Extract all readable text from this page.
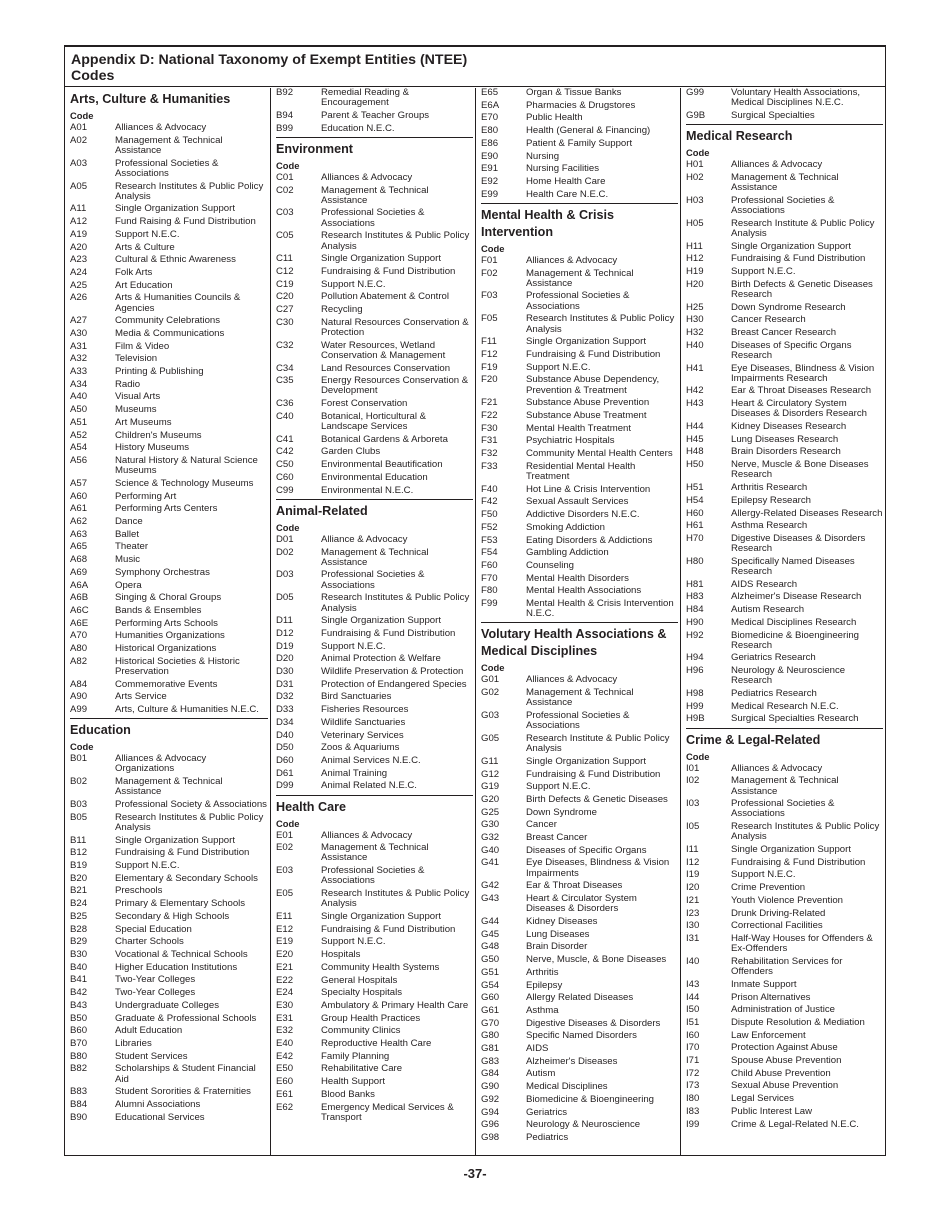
Appendix D: National Taxonomy of Exempt Entities (NTEE) Codes
Arts, Culture & Humanities
Code
A01	Alliances & Advocacy
A02	Management & Technical Assistance
A03	Professional Societies & Associations
A05	Research Institutes & Public Policy Analysis
A11	Single Organization Support
A12	Fund Raising & Fund Distribution
A19	Support N.E.C.
A20	Arts & Culture
A23	Cultural & Ethnic Awareness
A24	Folk Arts
A25	Art Education
A26	Arts & Humanities Councils & Agencies
A27	Community Celebrations
A30	Media & Communications
A31	Film & Video
A32	Television
A33	Printing & Publishing
A34	Radio
A40	Visual Arts
A50	Museums
A51	Art Museums
A52	Children's Museums
A54	History Museums
A56	Natural History & Natural Science Museums
A57	Science & Technology Museums
A60	Performing Art
A61	Performing Arts Centers
A62	Dance
A63	Ballet
A65	Theater
A68	Music
A69	Symphony Orchestras
A6A	Opera
A6B	Singing & Choral Groups
A6C	Bands & Ensembles
A6E	Performing Arts Schools
A70	Humanities Organizations
A80	Historical Organizations
A82	Historical Societies & Historic Preservation
A84	Commemorative Events
A90	Arts Service
A99	Arts, Culture & Humanities N.E.C.
Education
Code
B01	Alliances & Advocacy Organizations
B02	Management & Technical Assistance
B03	Professional Society & Associations
B05	Research Institutes & Public Policy Analysis
B11	Single Organization Support
B12	Fundraising & Fund Distribution
B19	Support N.E.C.
B20	Elementary & Secondary Schools
B21	Preschools
B24	Primary & Elementary Schools
B25	Secondary & High Schools
B28	Special Education
B29	Charter Schools
B30	Vocational & Technical Schools
B40	Higher Education Institutions
B41	Two-Year Colleges
B42	Two-Year Colleges
B43	Undergraduate Colleges
B50	Graduate & Professional Schools
B60	Adult Education
B70	Libraries
B80	Student Services
B82	Scholarships & Student Financial Aid
B83	Student Sororities & Fraternities
B84	Alumni Associations
B90	Educational Services
B92	Remedial Reading & Encouragement
B94	Parent & Teacher Groups
B99	Education N.E.C.
Environment
Code
C01	Alliances & Advocacy
C02	Management & Technical Assistance
C03	Professional Societies & Associations
C05	Research Institutes & Public Policy Analysis
C11	Single Organization Support
C12	Fundraising & Fund Distribution
C19	Support N.E.C.
C20	Pollution Abatement & Control
C27	Recycling
C30	Natural Resources Conservation & Protection
C32	Water Resources, Wetland Conservation & Management
C34	Land Resources Conservation
C35	Energy Resources Conservation & Development
C36	Forest Conservation
C40	Botanical, Horticultural & Landscape Services
C41	Botanical Gardens & Arboreta
C42	Garden Clubs
C50	Environmental Beautification
C60	Environmental Education
C99	Environmental N.E.C.
Animal-Related
Code
D01	Alliance & Advocacy
D02	Management & Technical Assistance
D03	Professional Societies & Associations
D05	Research Institutes & Public Policy Analysis
D11	Single Organization Support
D12	Fundraising & Fund Distribution
D19	Support N.E.C.
D20	Animal Protection & Welfare
D30	Wildlife Preservation & Protection
D31	Protection of Endangered Species
D32	Bird Sanctuaries
D33	Fisheries Resources
D34	Wildlife Sanctuaries
D40	Veterinary Services
D50	Zoos & Aquariums
D60	Animal Services N.E.C.
D61	Animal Training
D99	Animal Related N.E.C.
Health Care
Code
E01	Alliances & Advocacy
E02	Management & Technical Assistance
E03	Professional Societies & Associations
E05	Research Institutes & Public Policy Analysis
E11	Single Organization Support
E12	Fundraising & Fund Distribution
E19	Support N.E.C.
E20	Hospitals
E21	Community Health Systems
E22	General Hospitals
E24	Specialty Hospitals
E30	Ambulatory & Primary Health Care
E31	Group Health Practices
E32	Community Clinics
E40	Reproductive Health Care
E42	Family Planning
E50	Rehabilitative Care
E60	Health Support
E61	Blood Banks
E62	Emergency Medical Services & Transport
E65	Organ & Tissue Banks
E6A	Pharmacies & Drugstores
E70	Public Health
E80	Health (General & Financing)
E86	Patient & Family Support
E90	Nursing
E91	Nursing Facilities
E92	Home Health Care
E99	Health Care N.E.C.
Mental Health & Crisis Intervention
Code
F01	Alliances & Advocacy
F02	Management & Technical Assistance
F03	Professional Societies & Associations
F05	Research Institutes & Public Policy Analysis
F11	Single Organization Support
F12	Fundraising & Fund Distribution
F19	Support N.E.C.
F20	Substance Abuse Dependency, Prevention & Treatment
F21	Substance Abuse Prevention
F22	Substance Abuse Treatment
F30	Mental Health Treatment
F31	Psychiatric Hospitals
F32	Community Mental Health Centers
F33	Residential Mental Health Treatment
F40	Hot Line & Crisis Intervention
F42	Sexual Assault Services
F50	Addictive Disorders N.E.C.
F52	Smoking Addiction
F53	Eating Disorders & Addictions
F54	Gambling Addiction
F60	Counseling
F70	Mental Health Disorders
F80	Mental Health Associations
F99	Mental Health & Crisis Intervention N.E.C.
Volutary Health Associations & Medical Disciplines
Code
G01	Alliances & Advocacy
G02	Management & Technical Assistance
G03	Professional Societies & Associations
G05	Research Institute & Public Policy Analysis
G11	Single Organization Support
G12	Fundraising & Fund Distribution
G19	Support N.E.C.
G20	Birth Defects & Genetic Diseases
G25	Down Syndrome
G30	Cancer
G32	Breast Cancer
G40	Diseases of Specific Organs
G41	Eye Diseases, Blindness & Vision Impairments
G42	Ear & Throat Diseases
G43	Heart & Circulator System Diseases & Disorders
G44	Kidney Diseases
G45	Lung Diseases
G48	Brain Disorder
G50	Nerve, Muscle, & Bone Diseases
G51	Arthritis
G54	Epilepsy
G60	Allergy Related Diseases
G61	Asthma
G70	Digestive Diseases & Disorders
G80	Specific Named Disorders
G81	AIDS
G83	Alzheimer's Diseases
G84	Autism
G90	Medical Disciplines
G92	Biomedicine & Bioengineering
G94	Geriatrics
G96	Neurology & Neuroscience
G98	Pediatrics
G99	Voluntary Health Associations, Medical Disciplines N.E.C.
G9B	Surgical Specialties
Medical Research
Code
H01	Alliances & Advocacy
H02	Management & Technical Assistance
H03	Professional Societies & Associations
H05	Research Institute & Public Policy Analysis
H11	Single Organization Support
H12	Fundraising & Fund Distribution
H19	Support N.E.C.
H20	Birth Defects & Genetic Diseases Research
H25	Down Syndrome Research
H30	Cancer Research
H32	Breast Cancer Research
H40	Diseases of Specific Organs Research
H41	Eye Diseases, Blindness & Vision Impairments Research
H42	Ear & Throat Diseases Research
H43	Heart & Circulatory System Diseases & Disorders Research
H44	Kidney Diseases Research
H45	Lung Diseases Research
H48	Brain Disorders Research
H50	Nerve, Muscle & Bone Diseases Research
H51	Arthritis Research
H54	Epilepsy Research
H60	Allergy-Related Diseases Research
H61	Asthma Research
H70	Digestive Diseases & Disorders Research
H80	Specifically Named Diseases Research
H81	AIDS Research
H83	Alzheimer's Disease Research
H84	Autism Research
H90	Medical Disciplines Research
H92	Biomedicine & Bioengineering Research
H94	Geriatrics Research
H96	Neurology & Neuroscience Research
H98	Pediatrics Research
H99	Medical Research N.E.C.
H9B	Surgical Specialties Research
Crime & Legal-Related
Code
I01	Alliances & Advocacy
I02	Management & Technical Assistance
I03	Professional Societies & Associations
I05	Research Institutes & Public Policy Analysis
I11	Single Organization Support
I12	Fundraising & Fund Distribution
I19	Support N.E.C.
I20	Crime Prevention
I21	Youth Violence Prevention
I23	Drunk Driving-Related
I30	Correctional Facilities
I31	Half-Way Houses for Offenders & Ex-Offenders
I40	Rehabilitation Services for Offenders
I43	Inmate Support
I44	Prison Alternatives
I50	Administration of Justice
I51	Dispute Resolution & Mediation
I60	Law Enforcement
I70	Protection Against Abuse
I71	Spouse Abuse Prevention
I72	Child Abuse Prevention
I73	Sexual Abuse Prevention
I80	Legal Services
I83	Public Interest Law
I99	Crime & Legal-Related N.E.C.
-37-
